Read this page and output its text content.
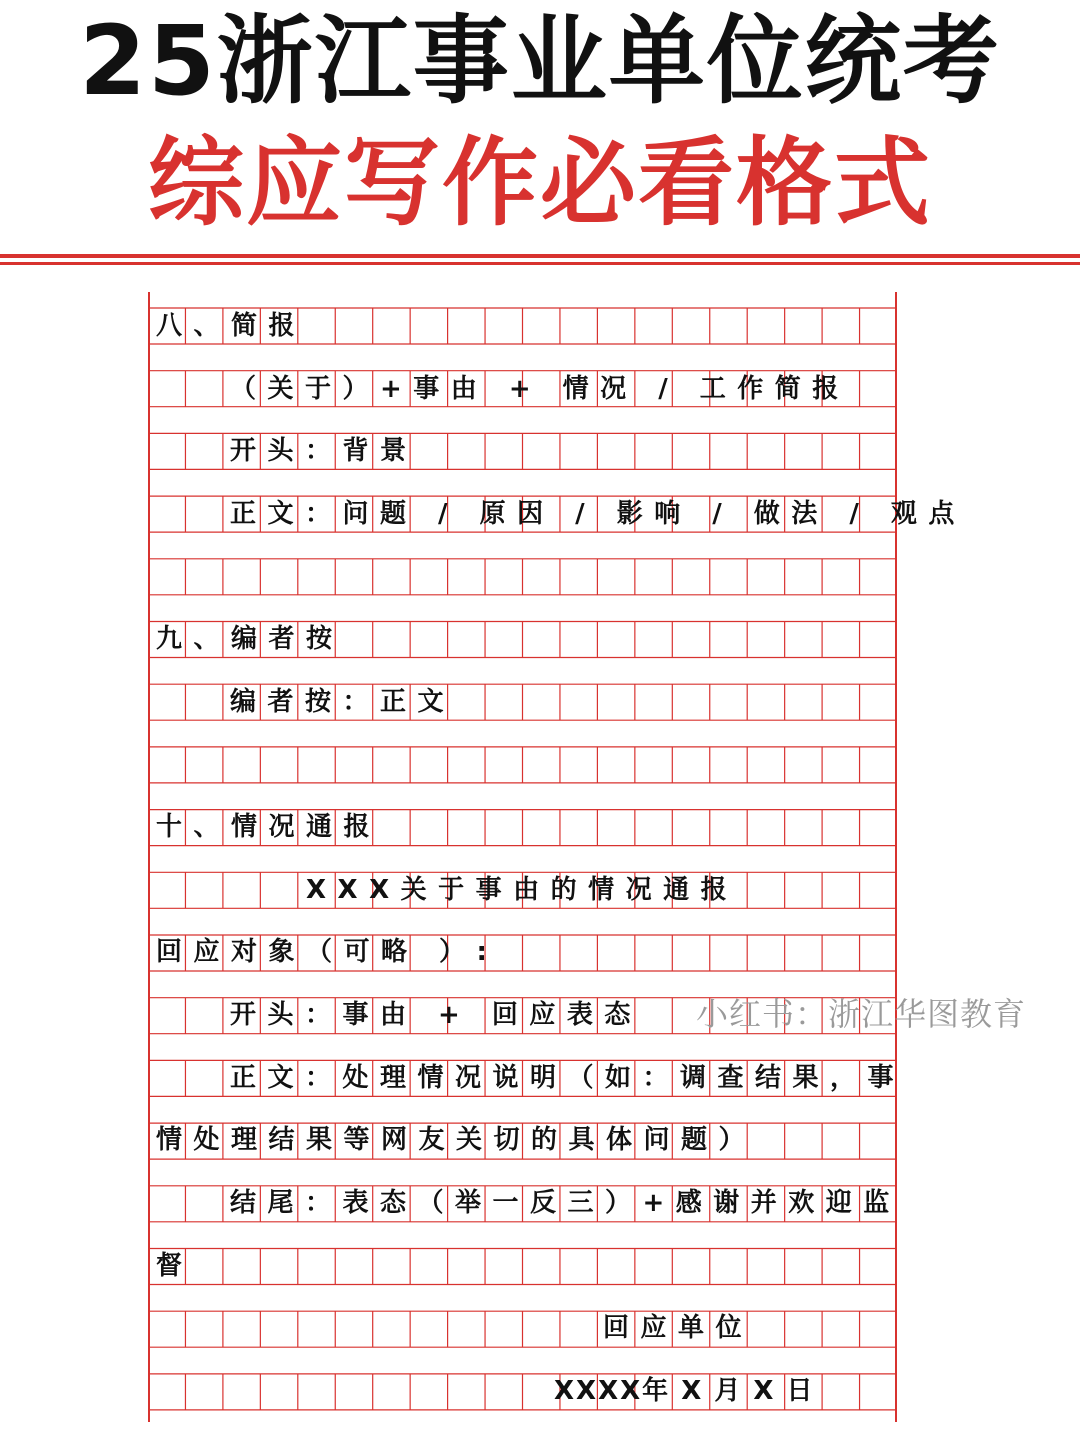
25浙江事业单位统考
综应写作必看格式
八、简报
（关于）+事由 + 情况 / 工作简报
开头：背景
正文：问题 / 原因 / 影响 / 做法 / 观点
九、编者按
编者按：正文
十、情况通报
XXX关于事由的情况通报
回应对象（可略 ）:
开头：事由 + 回应表态
正文：处理情况说明（如：调查结果，事
情处理结果等网友关切的具体问题）
结尾：表态（举一反三）+感谢并欢迎监
督
回应单位
XXXX年 X 月 X 日
小红书：浙江华图教育
